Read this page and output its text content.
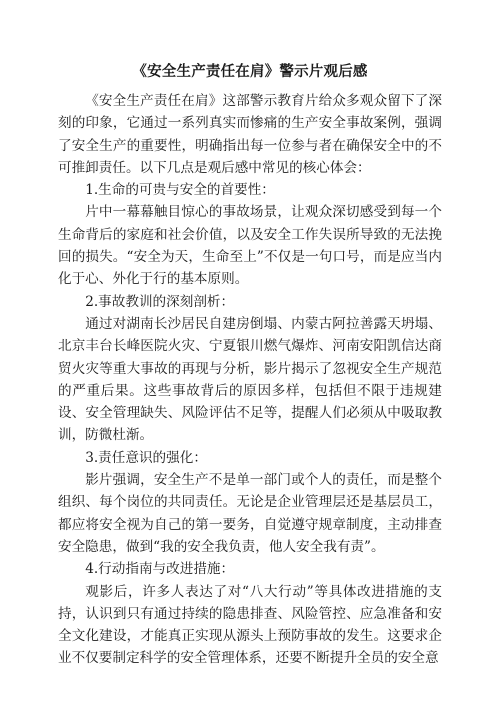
《安全生产责任在肩》警示片观后感

《安全生产责任在肩》这部警示教育片给众多观众留下了深刻的印象，它通过一系列真实而惨痛的生产安全事故案例，强调了安全生产的重要性，明确指出每一位参与者在确保安全中的不可推卸责任。以下几点是观后感中常见的核心体会：

1.生命的可贵与安全的首要性：

片中一幕幕触目惊心的事故场景，让观众深切感受到每一个生命背后的家庭和社会价值，以及安全工作失误所导致的无法挽回的损失。“安全为天，生命至上”不仅是一句口号，而是应当内化于心、外化于行的基本原则。

2.事故教训的深刻剖析：

通过对湖南长沙居民自建房倒塌、内蒙古阿拉善露天坍塌、北京丰台长峰医院火灾、宁夏银川燃气爆炸、河南安阳凯信达商贸火灾等重大事故的再现与分析，影片揭示了忽视安全生产规范的严重后果。这些事故背后的原因多样，包括但不限于违规建设、安全管理缺失、风险评估不足等，提醒人们必须从中吸取教训，防微杜渐。

3.责任意识的强化：

影片强调，安全生产不是单一部门或个人的责任，而是整个组织、每个岗位的共同责任。无论是企业管理层还是基层员工，都应将安全视为自己的第一要务，自觉遵守规章制度，主动排查安全隐患，做到“我的安全我负责，他人安全我有责”。

4.行动指南与改进措施：

观影后，许多人表达了对“八大行动”等具体改进措施的支持，认识到只有通过持续的隐患排查、风险管控、应急准备和安全文化建设，才能真正实现从源头上预防事故的发生。这要求企业不仅要制定科学的安全管理体系，还要不断提升全员的安全意
